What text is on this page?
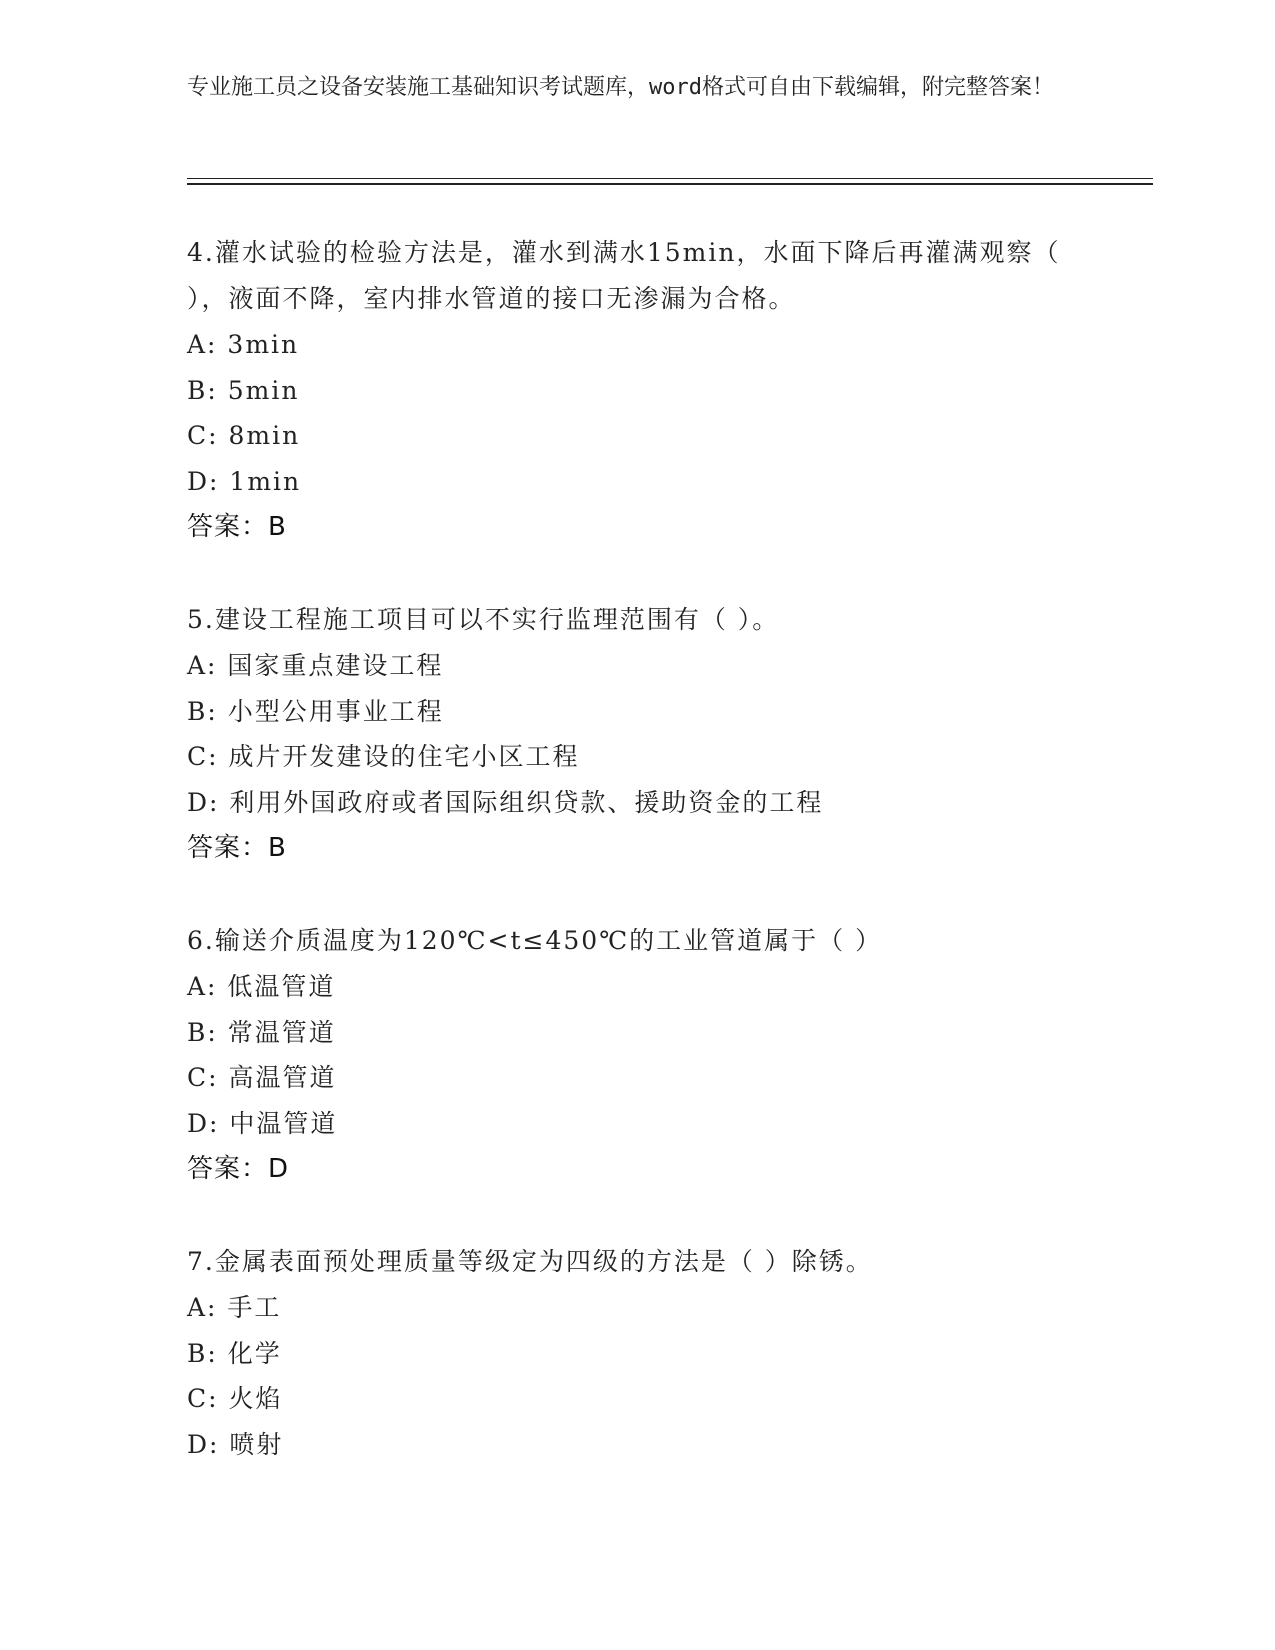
专业施工员之设备安装施工基础知识考试题库，word格式可自由下载编辑，附完整答案！

4.灌水试验的检验方法是，灌水到满水15min，水面下降后再灌满观察（ ），液面不降，室内排水管道的接口无渗漏为合格。

A: 3min

B: 5min

C: 8min

D: 1min

答案：B

5.建设工程施工项目可以不实行监理范围有（ ）。

A: 国家重点建设工程

B: 小型公用事业工程

C: 成片开发建设的住宅小区工程

D: 利用外国政府或者国际组织贷款、援助资金的工程

答案：B

6.输送介质温度为120℃<t≤450℃的工业管道属于（ ）

A: 低温管道

B: 常温管道

C: 高温管道

D: 中温管道

答案：D

7.金属表面预处理质量等级定为四级的方法是（ ）除锈。

A: 手工

B: 化学

C: 火焰

D: 喷射
